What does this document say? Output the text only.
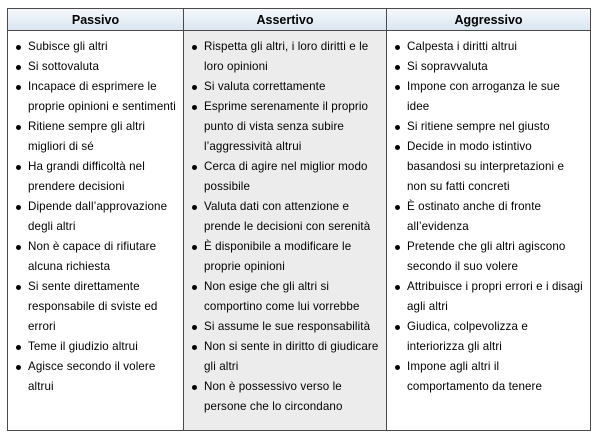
Passivo
Subisce gli altri
Si sottovaluta
Incapace di esprimere le proprie opinioni e sentimenti
Ritiene sempre gli altri migliori di sé
Ha grandi difficoltà nel prendere decisioni
Dipende dall’approvazione degli altri
Non è capace di rifiutare alcuna richiesta
Si sente direttamente responsabile di sviste ed errori
Teme il giudizio altrui
Agisce secondo il volere altrui
Assertivo
Rispetta gli altri, i loro diritti e le loro opinioni
Si valuta correttamente
Esprime serenamente il proprio punto di vista senza subire l’aggressività altrui
Cerca di agire nel miglior modo possibile
Valuta dati con attenzione e prende le decisioni con serenità
È disponibile a modificare le proprie opinioni
Non esige che gli altri si comportino come lui vorrebbe
Si assume le sue responsabilità
Non si sente in diritto di giudicare gli altri
Non è possessivo verso le persone che lo circondano
Aggressivo
Calpesta i diritti altrui
Si sopravvaluta
Impone con arroganza le sue idee
Si ritiene sempre nel giusto
Decide in modo istintivo basandosi su interpretazioni e non su fatti concreti
È ostinato anche di fronte all’evidenza
Pretende che gli altri agiscono secondo il suo volere
Attribuisce i propri errori e i disagi agli altri
Giudica, colpevolizza e interiorizza gli altri
Impone agli altri il comportamento da tenere
